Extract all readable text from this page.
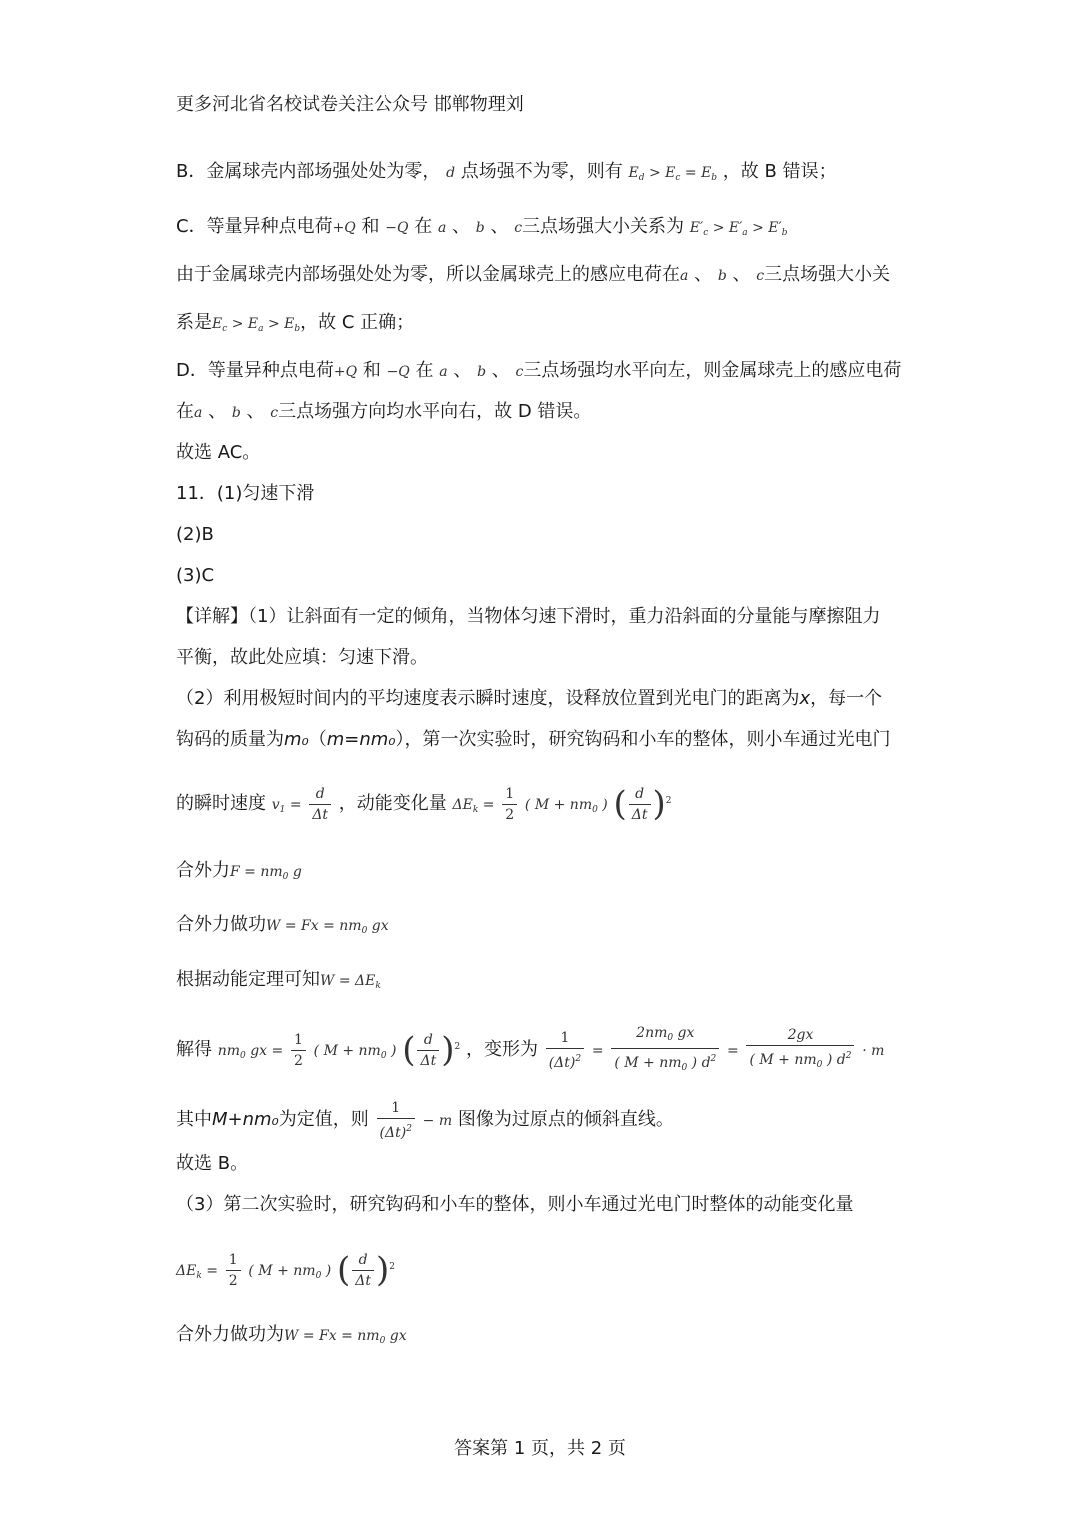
更多河北省名校试卷关注公众号 邯郸物理刘
B．金属球壳内部场强处处为零， d 点场强不为零，则有 $E_d > E_c = E_b$ ，故 B 错误；
C．等量异种点电荷+Q 和 −Q 在 a 、 b 、 c三点场强大小关系为 $E'_c > E'_a > E'_b$
由于金属球壳内部场强处处为零，所以金属球壳上的感应电荷在a 、 b 、 c三点场强大小关
系是$E_c > E_a > E_b$，故 C 正确；
D．等量异种点电荷+Q 和 −Q 在 a 、 b 、 c三点场强均水平向左，则金属球壳上的感应电荷
在a 、 b 、 c三点场强方向均水平向右，故 D 错误。
故选 AC。
11．(1)匀速下滑
(2)B
(3)C
【详解】（1）让斜面有一定的倾角，当物体匀速下滑时，重力沿斜面的分量能与摩擦阻力
平衡，故此处应填：匀速下滑。
（2）利用极短时间内的平均速度表示瞬时速度，设释放位置到光电门的距离为x，每一个
钩码的质量为m₀（m=nm₀），第一次实验时，研究钩码和小车的整体，则小车通过光电门
的瞬时速度 $v_1 = \frac{d}{\Delta t}$ ，动能变化量 $\Delta E_k = \frac{1}{2}$ ( $M + nm_0$ ) ( $\frac{d}{\Delta t} )^2$
合外力$F = nm_0$ g
合外力做功$W = Fx = nm_0$ gx
根据动能定理可知$W = \Delta E_k$
解得 $nm_0$ gx = $\frac{1}{2}$ ( $M + nm_0$ ) ( $\frac{d}{\Delta t} )^2$ ，变形为 $\frac{1}{(\Delta t)^2} = \frac{2nm_0 gx}{( M + nm_0 ) d^2} = \frac{2gx}{( M + nm_0 ) d^2} \cdot m$
其中M+nm₀为定值，则 $\frac{1}{(\Delta t)^2} - m$ 图像为过原点的倾斜直线。
故选 B。
（3）第二次实验时，研究钩码和小车的整体，则小车通过光电门时整体的动能变化量
$\Delta E_k = \frac{1}{2}$ ( $M + nm_0$ ) ( $\frac{d}{\Delta t} )^2$
合外力做功为$W = Fx = nm_0$ gx
答案第 1 页，共 2 页
